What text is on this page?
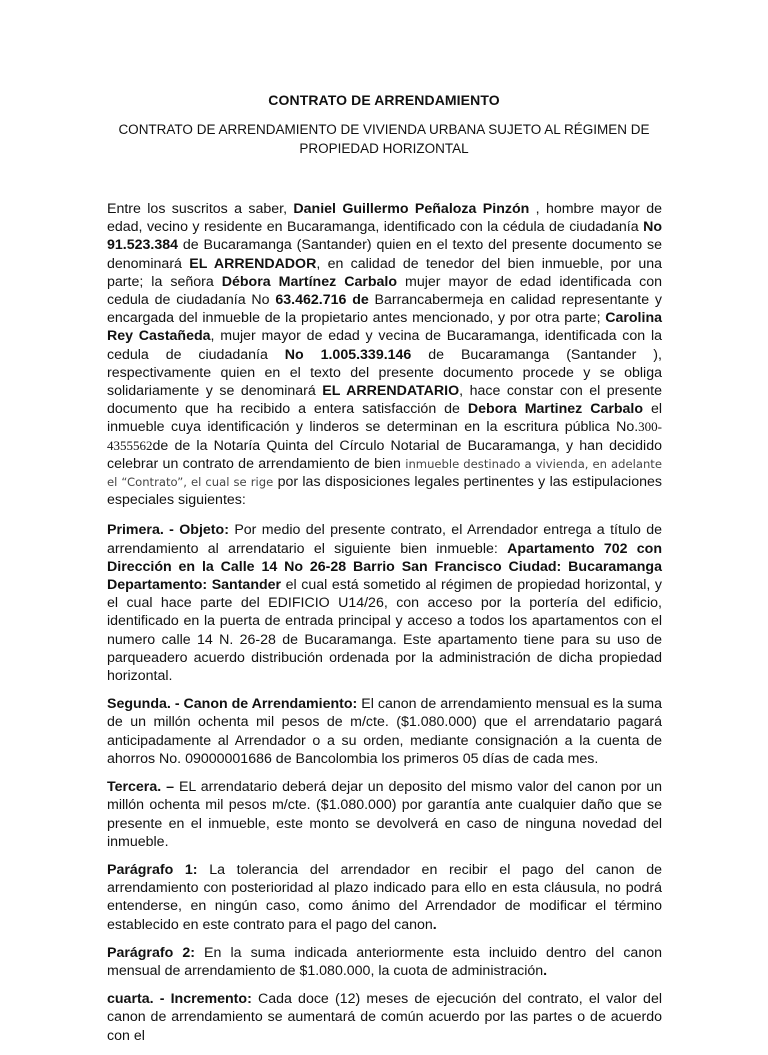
CONTRATO DE ARRENDAMIENTO
CONTRATO DE ARRENDAMIENTO DE VIVIENDA URBANA SUJETO AL RÉGIMEN DE PROPIEDAD HORIZONTAL

Entre los suscritos a saber, Daniel Guillermo Peñaloza Pinzón , hombre mayor de edad, vecino y residente en Bucaramanga, identificado con la cédula de ciudadanía No 91.523.384 de Bucaramanga (Santander) quien en el texto del presente documento se denominará EL ARRENDADOR, en calidad de tenedor del bien inmueble, por una parte; la señora Débora Martínez Carbalo mujer mayor de edad identificada con cedula de ciudadanía No 63.462.716 de Barrancabermeja en calidad representante y encargada del inmueble de la propietario antes mencionado, y por otra parte; Carolina Rey Castañeda, mujer mayor de edad y vecina de Bucaramanga, identificada con la cedula de ciudadanía No 1.005.339.146 de Bucaramanga (Santander ), respectivamente quien en el texto del presente documento procede y se obliga solidariamente y se denominará EL ARRENDATARIO, hace constar con el presente documento que ha recibido a entera satisfacción de Debora Martinez Carbalo el inmueble cuya identificación y linderos se determinan en la escritura pública No.300-4355562de de la Notaría Quinta del Círculo Notarial de Bucaramanga, y han decidido celebrar un contrato de arrendamiento de bien inmueble destinado a vivienda, en adelante el “Contrato”, el cual se rige por las disposiciones legales pertinentes y las estipulaciones especiales siguientes:

Primera. - Objeto: Por medio del presente contrato, el Arrendador entrega a título de arrendamiento al arrendatario el siguiente bien inmueble: Apartamento 702 con Dirección en la Calle 14 No 26-28 Barrio San Francisco Ciudad: Bucaramanga Departamento: Santander el cual está sometido al régimen de propiedad horizontal, y el cual hace parte del EDIFICIO U14/26, con acceso por la portería del edificio, identificado en la puerta de entrada principal y acceso a todos los apartamentos con el numero calle 14 N. 26-28 de Bucaramanga. Este apartamento tiene para su uso de parqueadero acuerdo distribución ordenada por la administración de dicha propiedad horizontal.

Segunda. - Canon de Arrendamiento: El canon de arrendamiento mensual es la suma de un millón ochenta mil pesos de m/cte. ($1.080.000) que el arrendatario pagará anticipadamente al Arrendador o a su orden, mediante consignación a la cuenta de ahorros No. 09000001686 de Bancolombia los primeros 05 días de cada mes.

Tercera. – EL arrendatario deberá dejar un deposito del mismo valor del canon por un millón ochenta mil pesos m/cte. ($1.080.000) por garantía ante cualquier daño que se presente en el inmueble, este monto se devolverá en caso de ninguna novedad del inmueble.

Parágrafo 1: La tolerancia del arrendador en recibir el pago del canon de arrendamiento con posterioridad al plazo indicado para ello en esta cláusula, no podrá entenderse, en ningún caso, como ánimo del Arrendador de modificar el término establecido en este contrato para el pago del canon.

Parágrafo 2: En la suma indicada anteriormente esta incluido dentro del canon mensual de arrendamiento de $1.080.000, la cuota de administración.

cuarta. - Incremento: Cada doce (12) meses de ejecución del contrato, el valor del canon de arrendamiento se aumentará de común acuerdo por las partes o de acuerdo con el
